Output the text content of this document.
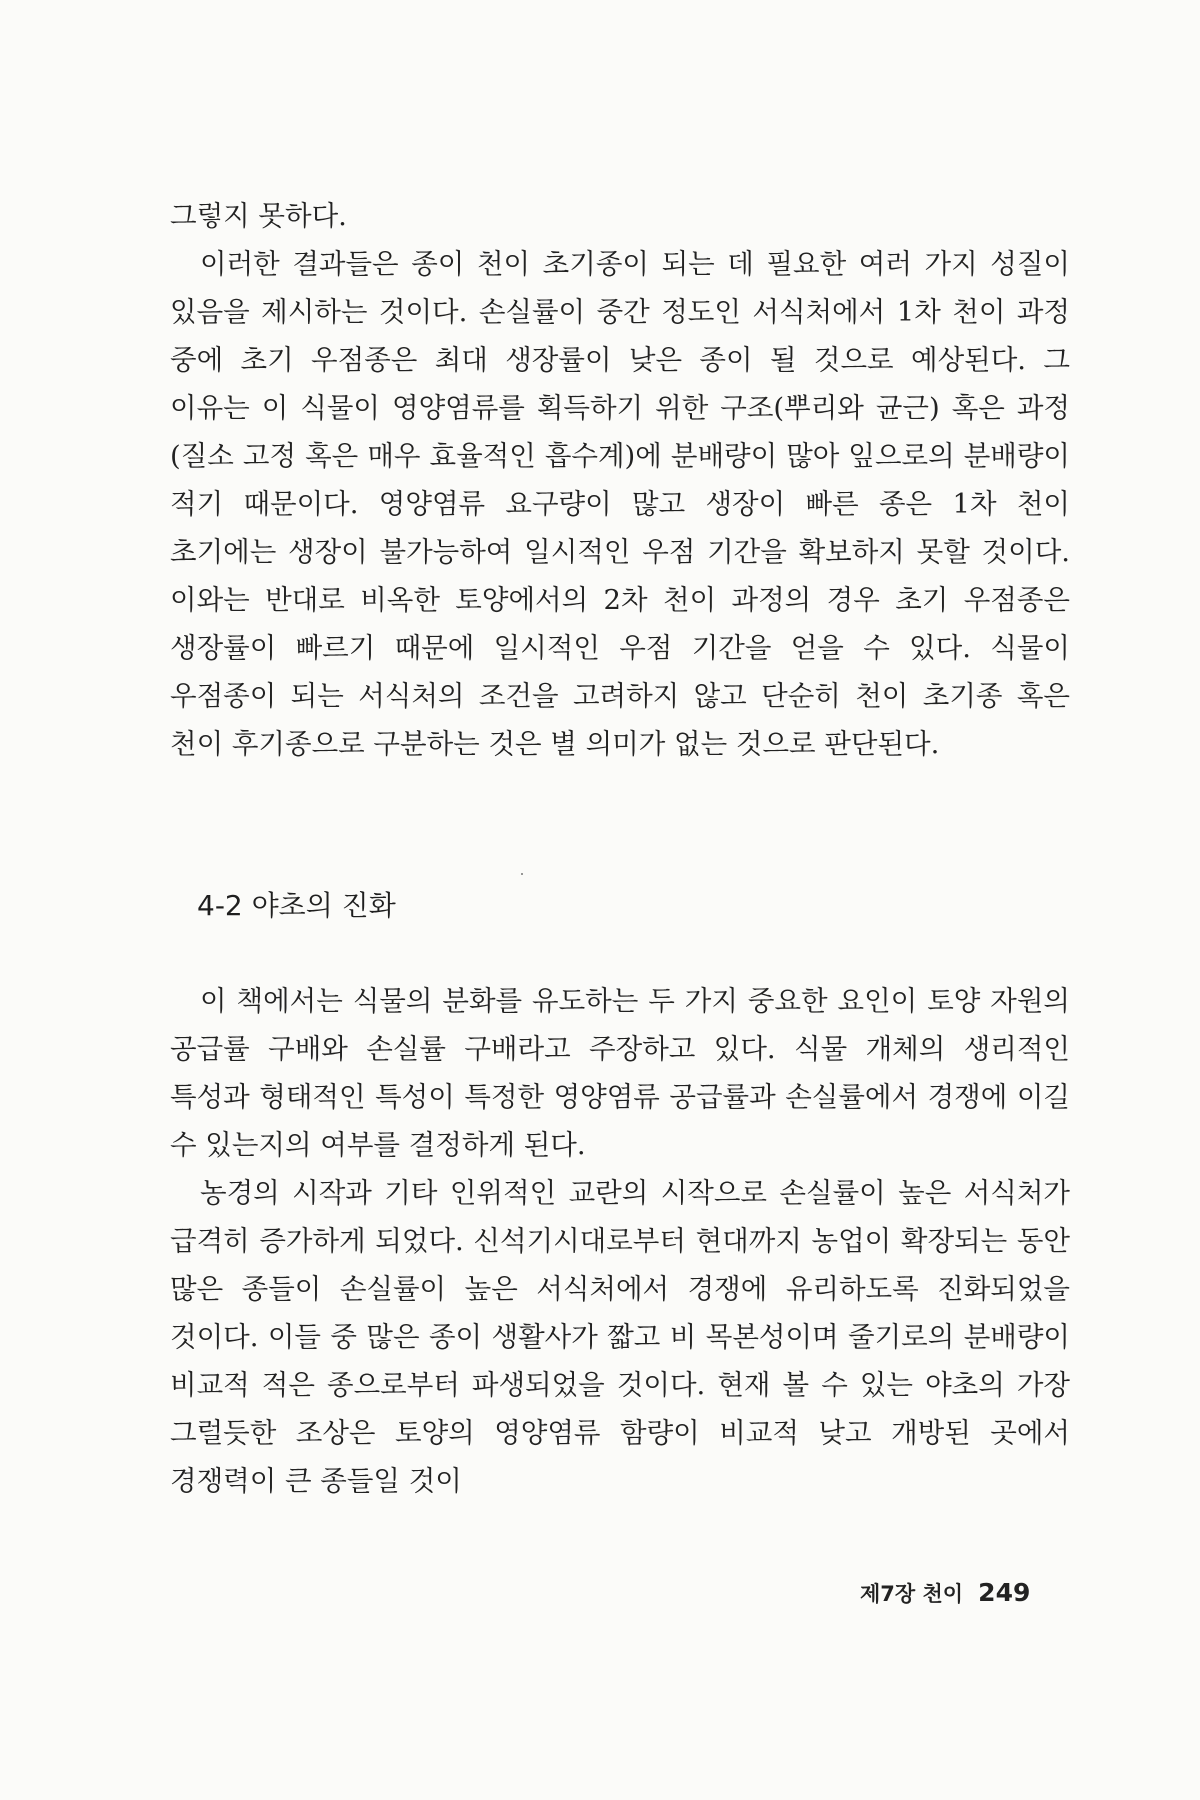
그렇지 못하다.

이러한 결과들은 종이 천이 초기종이 되는 데 필요한 여러 가지 성질이 있음을 제시하는 것이다. 손실률이 중간 정도인 서식처에서 1차 천이 과정 중에 초기 우점종은 최대 생장률이 낮은 종이 될 것으로 예상된다. 그 이유는 이 식물이 영양염류를 획득하기 위한 구조(뿌리와 균근) 혹은 과정(질소 고정 혹은 매우 효율적인 흡수계)에 분배량이 많아 잎으로의 분배량이 적기 때문이다. 영양염류 요구량이 많고 생장이 빠른 종은 1차 천이 초기에는 생장이 불가능하여 일시적인 우점 기간을 확보하지 못할 것이다. 이와는 반대로 비옥한 토양에서의 2차 천이 과정의 경우 초기 우점종은 생장률이 빠르기 때문에 일시적인 우점 기간을 얻을 수 있다. 식물이 우점종이 되는 서식처의 조건을 고려하지 않고 단순히 천이 초기종 혹은 천이 후기종으로 구분하는 것은 별 의미가 없는 것으로 판단된다.

4-2 야초의 진화

이 책에서는 식물의 분화를 유도하는 두 가지 중요한 요인이 토양 자원의 공급률 구배와 손실률 구배라고 주장하고 있다. 식물 개체의 생리적인 특성과 형태적인 특성이 특정한 영양염류 공급률과 손실률에서 경쟁에 이길 수 있는지의 여부를 결정하게 된다.

농경의 시작과 기타 인위적인 교란의 시작으로 손실률이 높은 서식처가 급격히 증가하게 되었다. 신석기시대로부터 현대까지 농업이 확장되는 동안 많은 종들이 손실률이 높은 서식처에서 경쟁에 유리하도록 진화되었을 것이다. 이들 중 많은 종이 생활사가 짧고 비 목본성이며 줄기로의 분배량이 비교적 적은 종으로부터 파생되었을 것이다. 현재 볼 수 있는 야초의 가장 그럴듯한 조상은 토양의 영양염류 함량이 비교적 낮고 개방된 곳에서 경쟁력이 큰 종들일 것이

제7장 천이 249
